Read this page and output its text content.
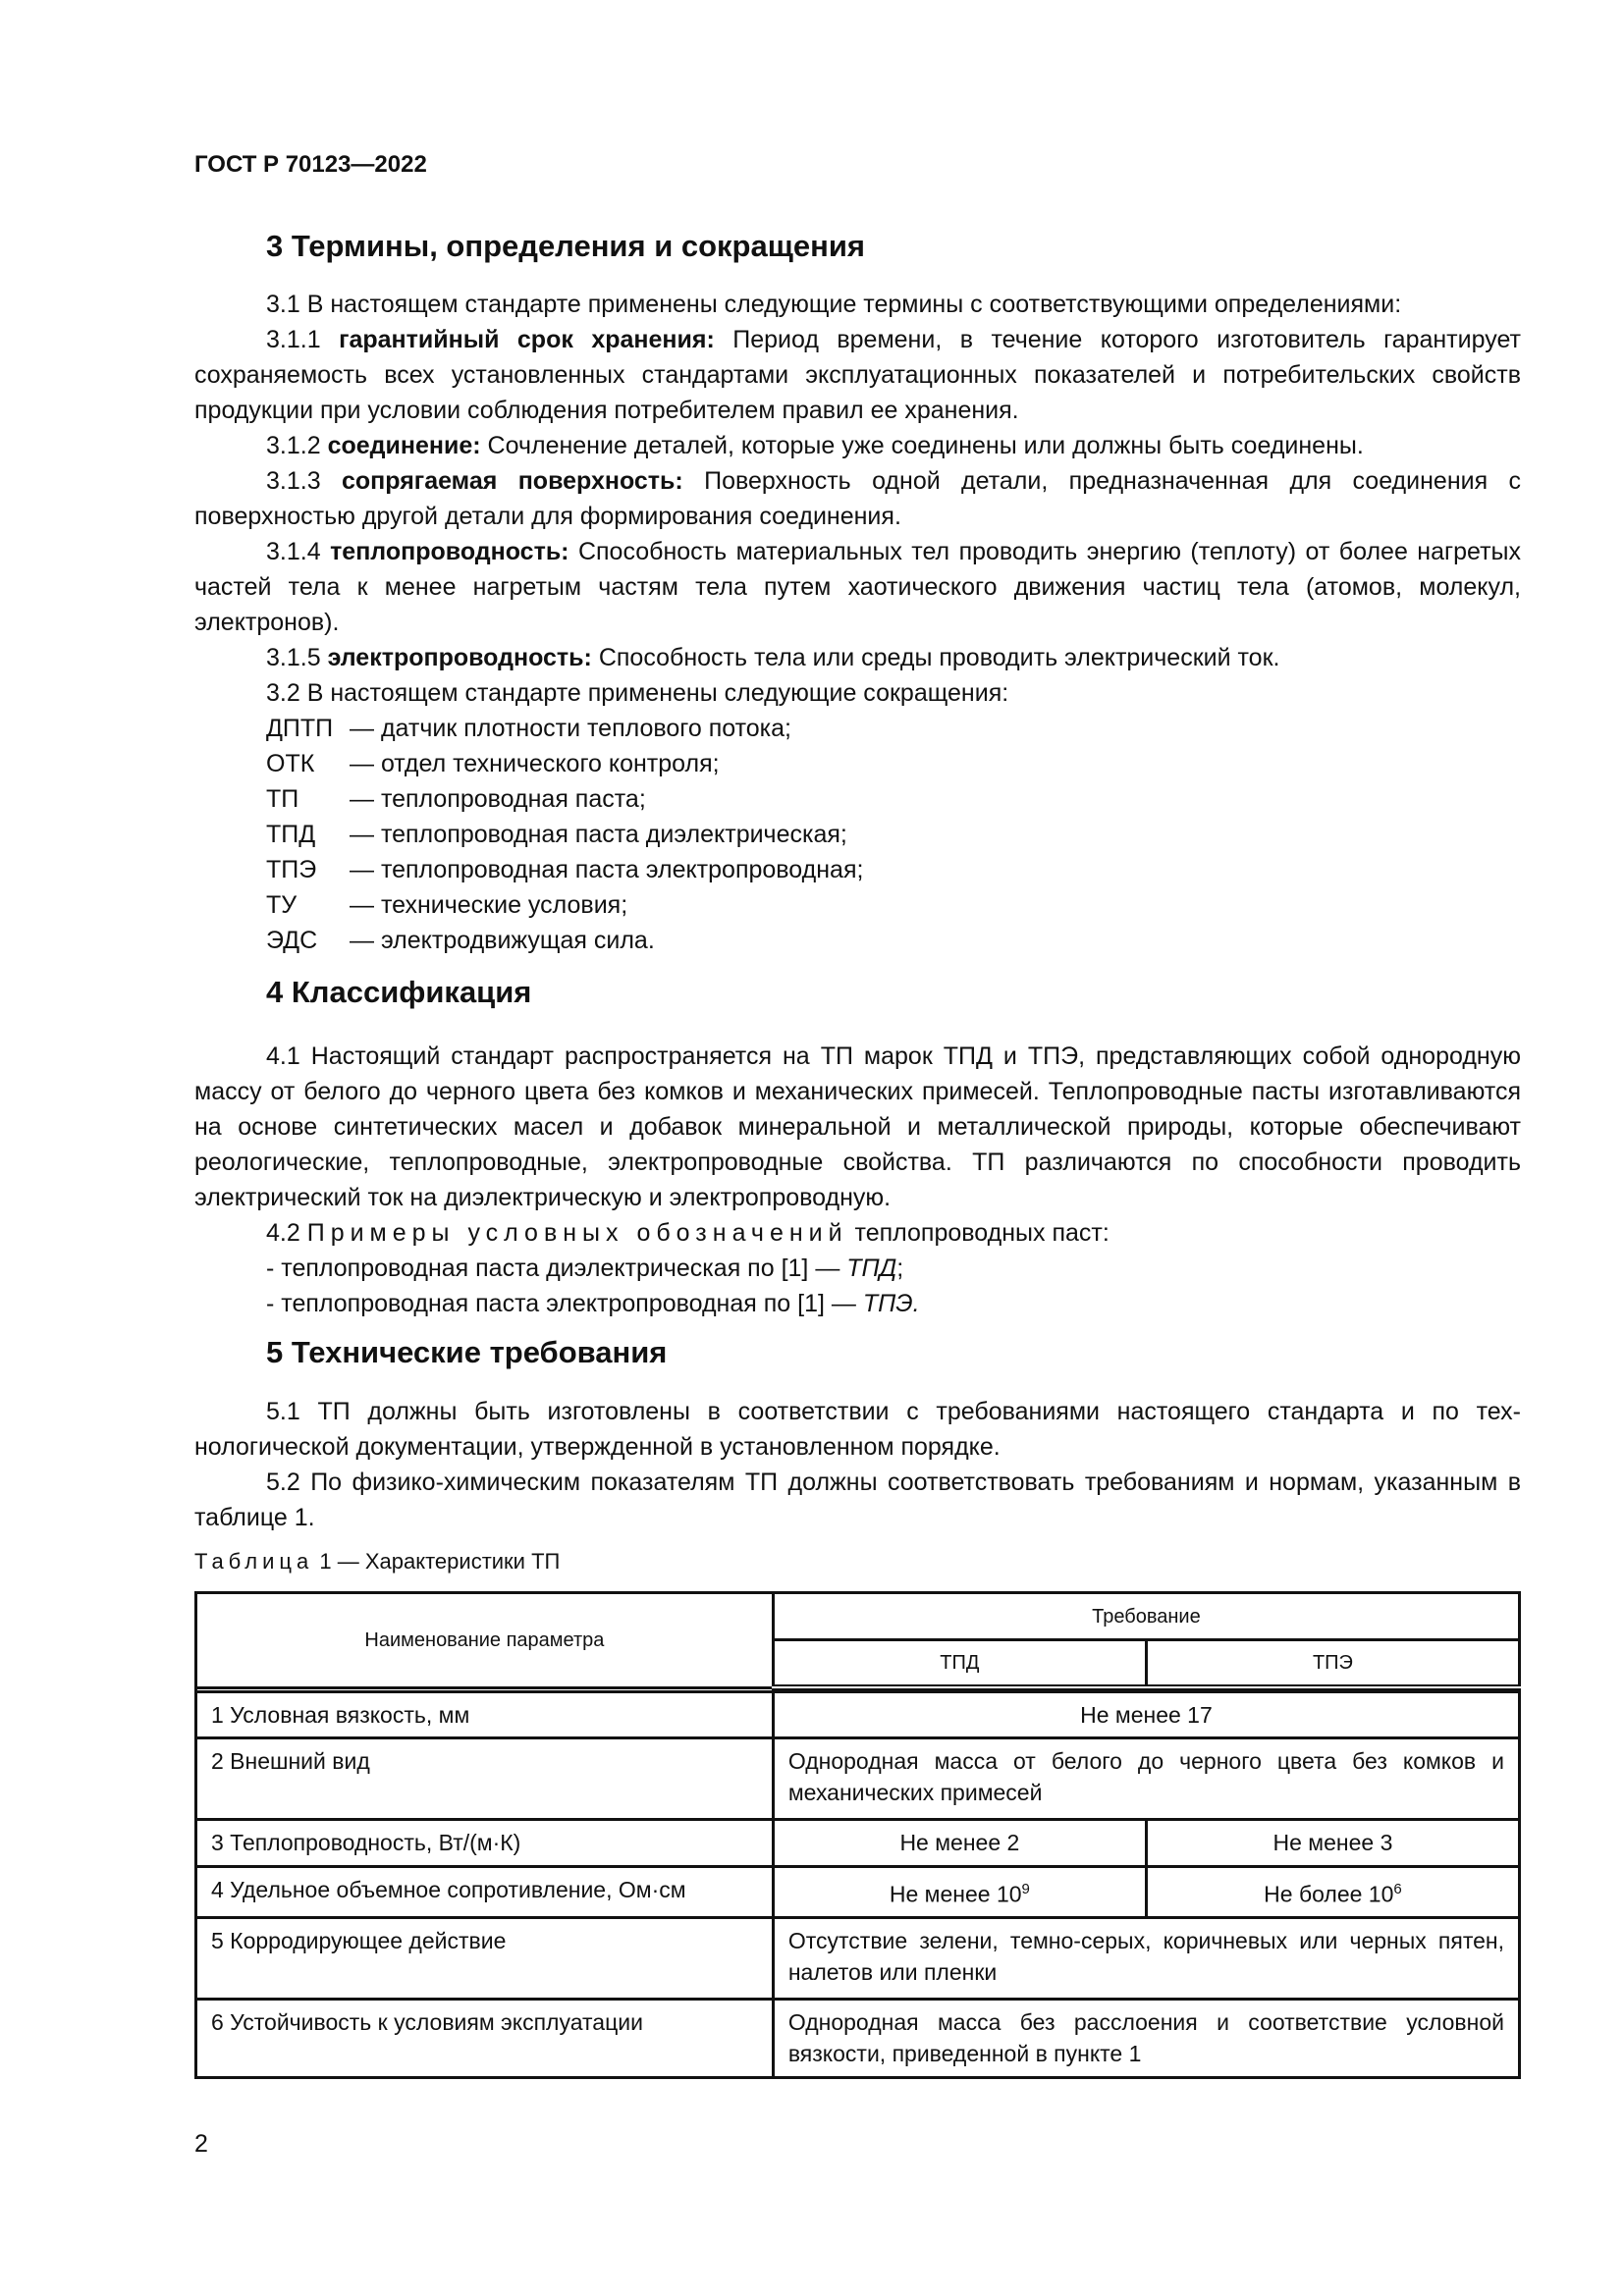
ГОСТ Р 70123—2022
3 Термины, определения и сокращения

3.1 В настоящем стандарте применены следующие термины с соответствующими определениями:

3.1.1 гарантийный срок хранения: Период времени, в течение которого изготовитель гарантирует сохраняемость всех установленных стандартами эксплуатационных показателей и потребительских свойств продукции при условии соблюдения потребителем правил ее хранения.

3.1.2 соединение: Сочленение деталей, которые уже соединены или должны быть соединены.

3.1.3 сопрягаемая поверхность: Поверхность одной детали, предназначенная для соединения с поверхностью другой детали для формирования соединения.

3.1.4 теплопроводность: Способность материальных тел проводить энергию (теплоту) от более нагретых частей тела к менее нагретым частям тела путем хаотического движения частиц тела (атомов, молекул, электронов).

3.1.5 электропроводность: Способность тела или среды проводить электрический ток.

3.2 В настоящем стандарте применены следующие сокращения:

ДПТП — датчик плотности теплового потока;
ОТК	— отдел технического контроля;
ТП	— теплопроводная паста;
ТПД	— теплопроводная паста диэлектрическая;
ТПЭ	— теплопроводная паста электропроводная;
ТУ	— технические условия;
ЭДС	— электродвижущая сила.
4 Классификация

4.1 Настоящий стандарт распространяется на ТП марок ТПД и ТПЭ, представляющих собой однородную массу от белого до черного цвета без комков и механических примесей. Теплопроводные пасты изготавливаются на основе синтетических масел и добавок минеральной и металлической природы, которые обеспечивают реологические, теплопроводные, электропроводные свойства. ТП различаются по способности проводить электрический ток на диэлектрическую и электропроводную.

4.2 Примеры условных обозначений теплопроводных паст:

- теплопроводная паста диэлектрическая по [1] — ТПД;

- теплопроводная паста электропроводная по [1] — ТПЭ.

5 Технические требования

5.1 ТП должны быть изготовлены в соответствии с требованиями настоящего стандарта и по технологической документации, утвержденной в установленном порядке.

5.2 По физико-химическим показателям ТП должны соответствовать требованиям и нормам, указанным в таблице 1.

Таблица 1 — Характеристики ТП
Наименование параметра	Требование	
	ТПД	ТПЭ

1 Условная вязкость, мм	Не менее 17	
2 Внешний вид	Однородная масса от белого до черного цвета без комков и механических примесей	
3 Теплопроводность, Вт/(м·К)	Не менее 2	Не менее 3
4 Удельное объемное сопротивление, Ом·см	Не менее $10^9$	Не более $10^6$
5 Корродирующее действие	Отсутствие зелени, темно-серых, коричневых или черных пятен, налетов или пленки	
6 Устойчивость к условиям эксплуатации	Однородная масса без расслоения и соответствие условной вязкости, приведенной в пункте 1	
2
